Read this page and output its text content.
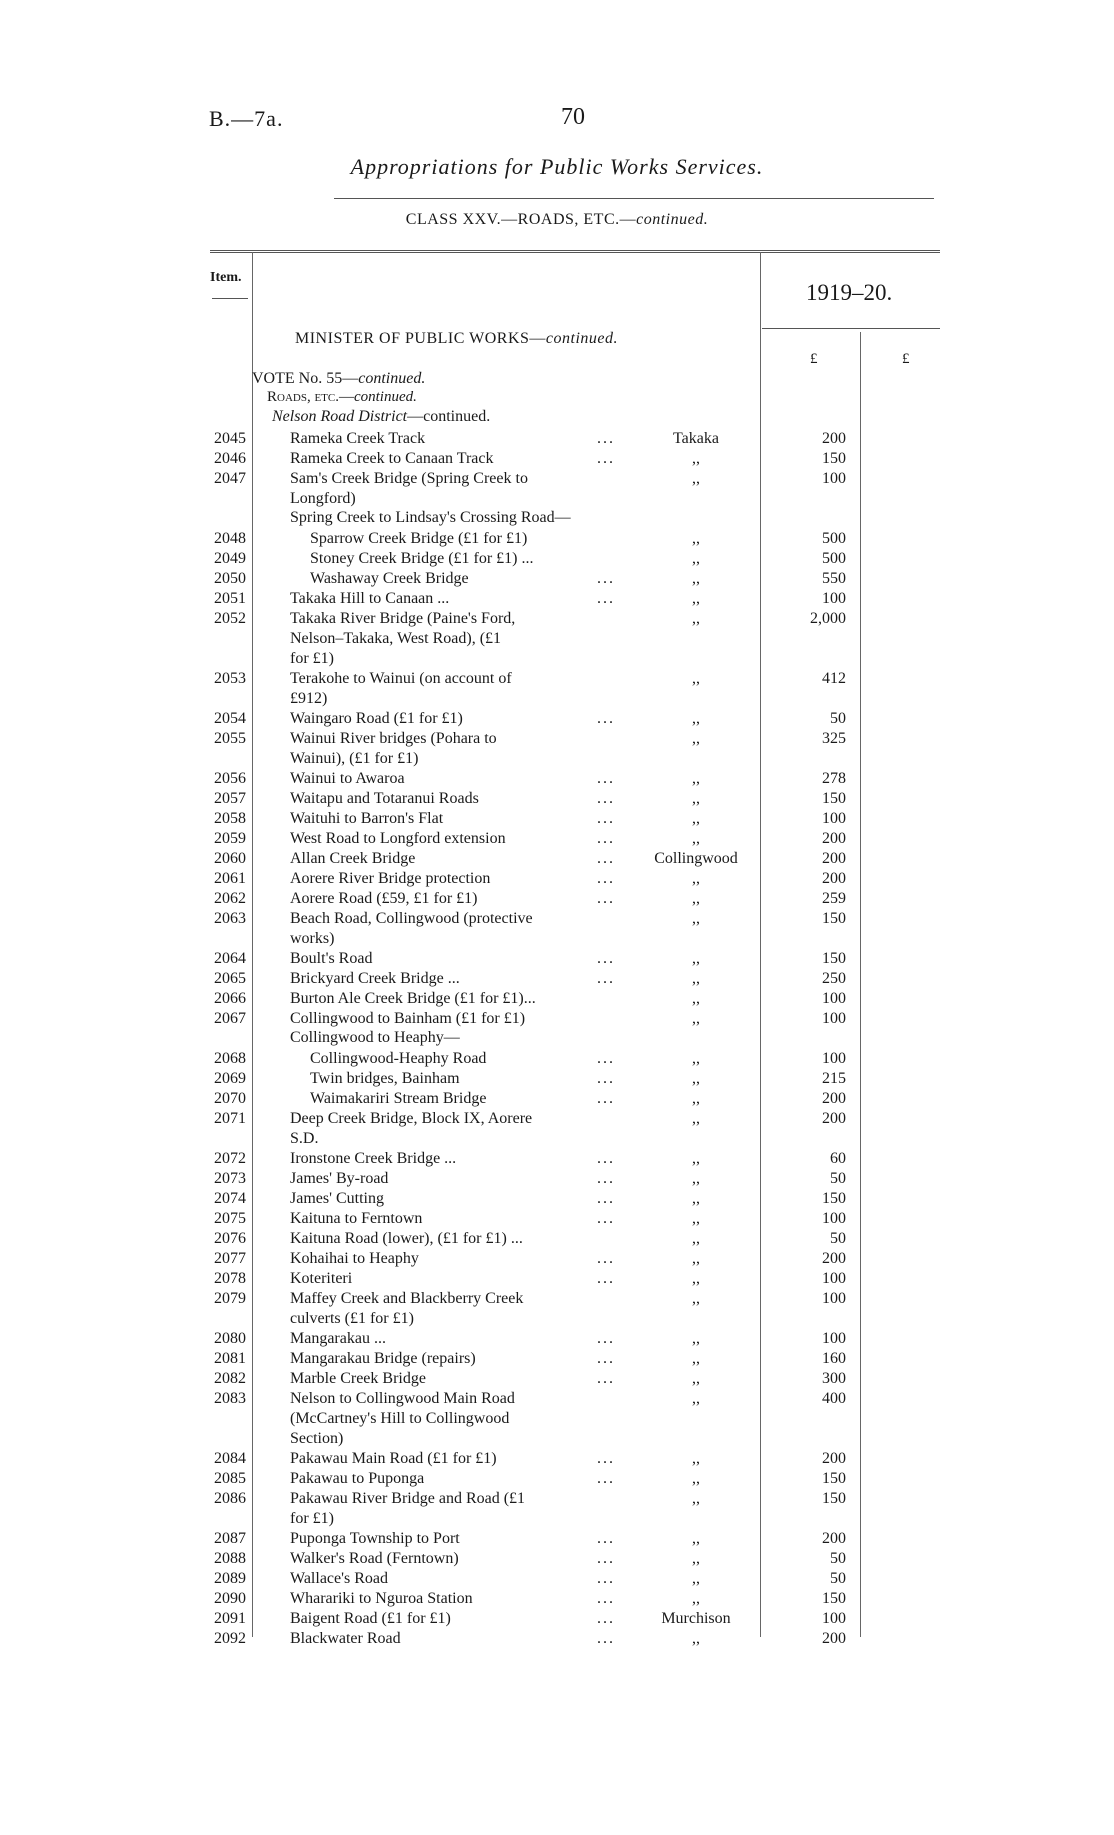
B.—7a.	70
Appropriations for Public Works Services.
CLASS XXV.—ROADS, ETC.—continued.
Item.
1919–20.
£	£
MINISTER OF PUBLIC WORKS—continued.
VOTE No. 55—continued.
Roads, etc.—continued.
Nelson Road District—continued.
Spring Creek to Lindsay's Crossing Road—
Collingwood to Heaphy—
2045	Rameka Creek Track	...	Takaka	200
2046	Rameka Creek to Canaan Track	...	,,	150
2047	Sam's Creek Bridge (Spring Creek to
Longford)
,,	100
2048	Sparrow Creek Bridge (£1 for £1)	,,	500
2049	Stoney Creek Bridge (£1 for £1) ...	,,	500
2050	Washaway Creek Bridge	...	,,	550
2051	Takaka Hill to Canaan ...	...	,,	100
2052	Takaka River Bridge (Paine's Ford,
Nelson–Takaka, West Road), (£1
for £1)
,,	2,000
2053	Terakohe to Wainui (on account of
£912)
,,	412
2054	Waingaro Road (£1 for £1)	...	,,	50
2055	Wainui River bridges (Pohara to
Wainui), (£1 for £1)
,,	325
2056	Wainui to Awaroa	...	,,	278
2057	Waitapu and Totaranui Roads	...	,,	150
2058	Waituhi to Barron's Flat	...	,,	100
2059	West Road to Longford extension	...	,,	200
2060	Allan Creek Bridge	...	Collingwood	200
2061	Aorere River Bridge protection	...	,,	200
2062	Aorere Road (£59, £1 for £1)	...	,,	259
2063	Beach Road, Collingwood (protective
works)
,,	150
2064	Boult's Road	...	,,	150
2065	Brickyard Creek Bridge ...	...	,,	250
2066	Burton Ale Creek Bridge (£1 for £1)...	,,	100
2067	Collingwood to Bainham (£1 for £1)	,,	100
2068	Collingwood-Heaphy Road	...	,,	100
2069	Twin bridges, Bainham	...	,,	215
2070	Waimakariri Stream Bridge	...	,,	200
2071	Deep Creek Bridge, Block IX, Aorere
S.D.
,,	200
2072	Ironstone Creek Bridge ...	...	,,	60
2073	James' By-road	...	,,	50
2074	James' Cutting	...	,,	150
2075	Kaituna to Ferntown	...	,,	100
2076	Kaituna Road (lower), (£1 for £1) ...	,,	50
2077	Kohaihai to Heaphy	...	,,	200
2078	Koteriteri	...	,,	100
2079	Maffey Creek and Blackberry Creek
culverts (£1 for £1)
,,	100
2080	Mangarakau ...	...	,,	100
2081	Mangarakau Bridge (repairs)	...	,,	160
2082	Marble Creek Bridge	...	,,	300
2083	Nelson to Collingwood Main Road
(McCartney's Hill to Collingwood
Section)
,,	400
2084	Pakawau Main Road (£1 for £1)	...	,,	200
2085	Pakawau to Puponga	...	,,	150
2086	Pakawau River Bridge and Road (£1
for £1)
,,	150
2087	Puponga Township to Port	...	,,	200
2088	Walker's Road (Ferntown)	...	,,	50
2089	Wallace's Road	...	,,	50
2090	Wharariki to Nguroa Station	...	,,	150
2091	Baigent Road (£1 for £1)	...	Murchison	100
2092	Blackwater Road	...	,,	200
